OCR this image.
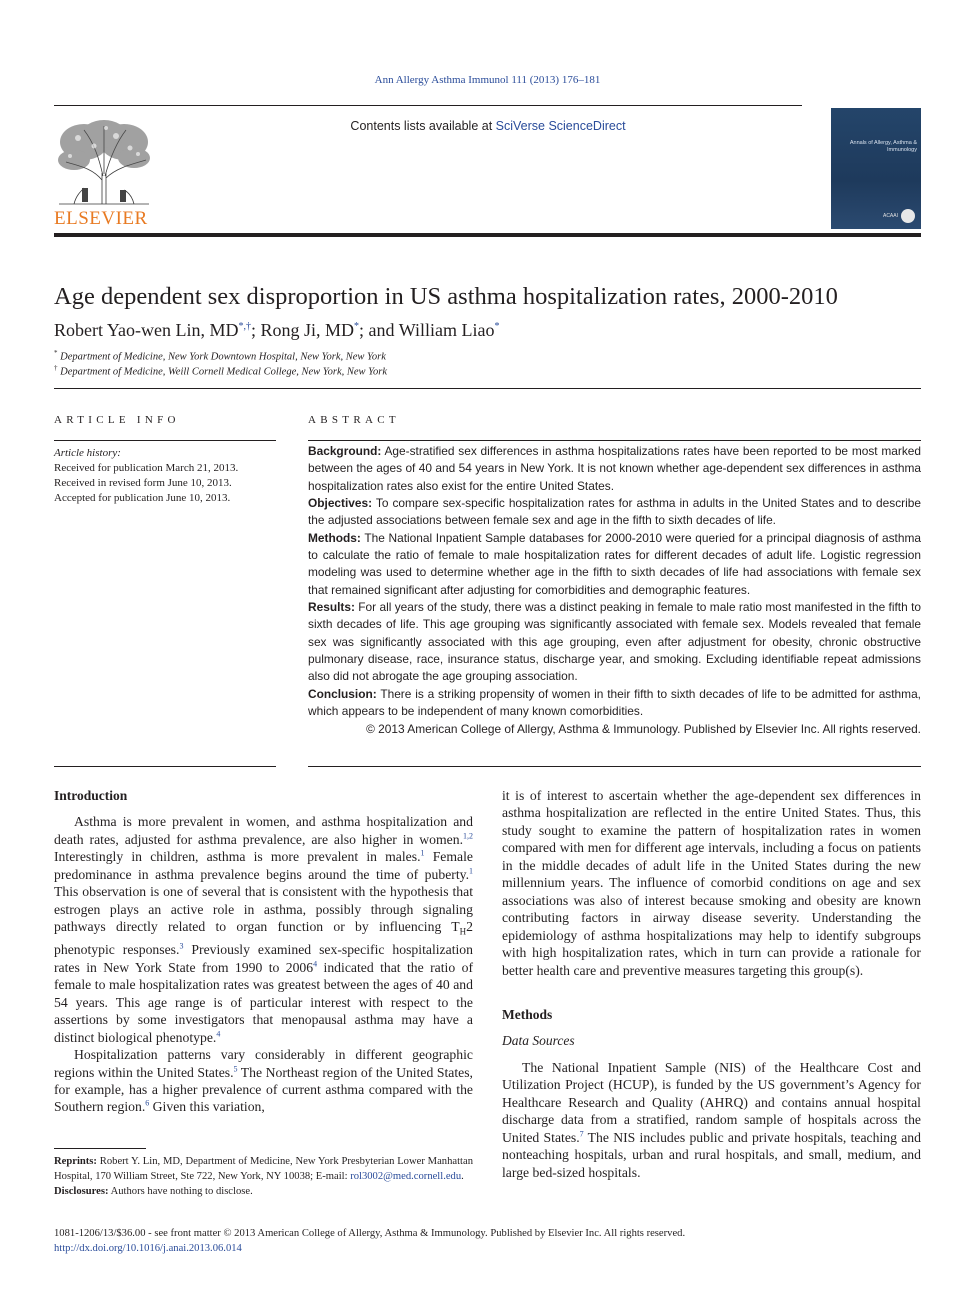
Ann Allergy Asthma Immunol 111 (2013) 176–181
ELSEVIER
Contents lists available at SciVerse ScienceDirect
Annals of Allergy, Asthma & Immunology
ACAAI
Age dependent sex disproportion in US asthma hospitalization rates, 2000-2010
Robert Yao-wen Lin, MD*,†; Rong Ji, MD*; and William Liao*
* Department of Medicine, New York Downtown Hospital, New York, New York
† Department of Medicine, Weill Cornell Medical College, New York, New York
ARTICLE INFO
Article history:
Received for publication March 21, 2013.
Received in revised form June 10, 2013.
Accepted for publication June 10, 2013.
ABSTRACT

Background: Age-stratified sex differences in asthma hospitalizations rates have been reported to be most marked between the ages of 40 and 54 years in New York. It is not known whether age-dependent sex differences in asthma hospitalization rates also exist for the entire United States.

Objectives: To compare sex-specific hospitalization rates for asthma in adults in the United States and to describe the adjusted associations between female sex and age in the fifth to sixth decades of life.

Methods: The National Inpatient Sample databases for 2000-2010 were queried for a principal diagnosis of asthma to calculate the ratio of female to male hospitalization rates for different decades of adult life. Logistic regression modeling was used to determine whether age in the fifth to sixth decades of life had associations with female sex that remained significant after adjusting for comorbidities and demographic features.

Results: For all years of the study, there was a distinct peaking in female to male ratio most manifested in the fifth to sixth decades of life. This age grouping was significantly associated with female sex. Models revealed that female sex was significantly associated with this age grouping, even after adjustment for obesity, chronic obstructive pulmonary disease, race, insurance status, discharge year, and smoking. Excluding identifiable repeat admissions also did not abrogate the age grouping association.

Conclusion: There is a striking propensity of women in their fifth to sixth decades of life to be admitted for asthma, which appears to be independent of many known comorbidities.

© 2013 American College of Allergy, Asthma & Immunology. Published by Elsevier Inc. All rights reserved.

Introduction

Asthma is more prevalent in women, and asthma hospitalization and death rates, adjusted for asthma prevalence, are also higher in women.$^{1,2}$ Interestingly in children, asthma is more prevalent in males.$^1$ Female predominance in asthma prevalence begins around the time of puberty.$^1$ This observation is one of several that is consistent with the hypothesis that estrogen plays an active role in asthma, possibly through signaling pathways directly related to organ function or by influencing $T_H2$ phenotypic responses.$^3$ Previously examined sex-specific hospitalization rates in New York State from 1990 to 2006$^4$ indicated that the ratio of female to male hospitalization rates was greatest between the ages of 40 and 54 years. This age range is of particular interest with respect to the assertions by some investigators that menopausal asthma may have a distinct biological phenotype.$^4$

Hospitalization patterns vary considerably in different geographic regions within the United States.$^5$ The Northeast region of the United States, for example, has a higher prevalence of current asthma compared with the Southern region.$^6$ Given this variation,

Reprints: Robert Y. Lin, MD, Department of Medicine, New York Presbyterian Lower Manhattan Hospital, 170 William Street, Ste 722, New York, NY 10038; E-mail: rol3002@med.cornell.edu.

Disclosures: Authors have nothing to disclose.

it is of interest to ascertain whether the age-dependent sex differences in asthma hospitalization are reflected in the entire United States. Thus, this study sought to examine the pattern of hospitalization rates in women compared with men for different age intervals, including a focus on patients in the middle decades of adult life in the United States during the new millennium years. The influence of comorbid conditions on age and sex associations was also of interest because smoking and obesity are known contributing factors in airway disease severity. Understanding the epidemiology of asthma hospitalizations may help to identify subgroups with high hospitalization rates, which in turn can provide a rationale for better health care and preventive measures targeting this group(s).

Methods
Data Sources

The National Inpatient Sample (NIS) of the Healthcare Cost and Utilization Project (HCUP), is funded by the US government’s Agency for Healthcare Research and Quality (AHRQ) and contains annual hospital discharge data from a stratified, random sample of hospitals across the United States.$^7$ The NIS includes public and private hospitals, teaching and nonteaching hospitals, urban and rural hospitals, and small, medium, and large bed-sized hospitals.

1081-1206/13/$36.00 - see front matter © 2013 American College of Allergy, Asthma & Immunology. Published by Elsevier Inc. All rights reserved.

http://dx.doi.org/10.1016/j.anai.2013.06.014
